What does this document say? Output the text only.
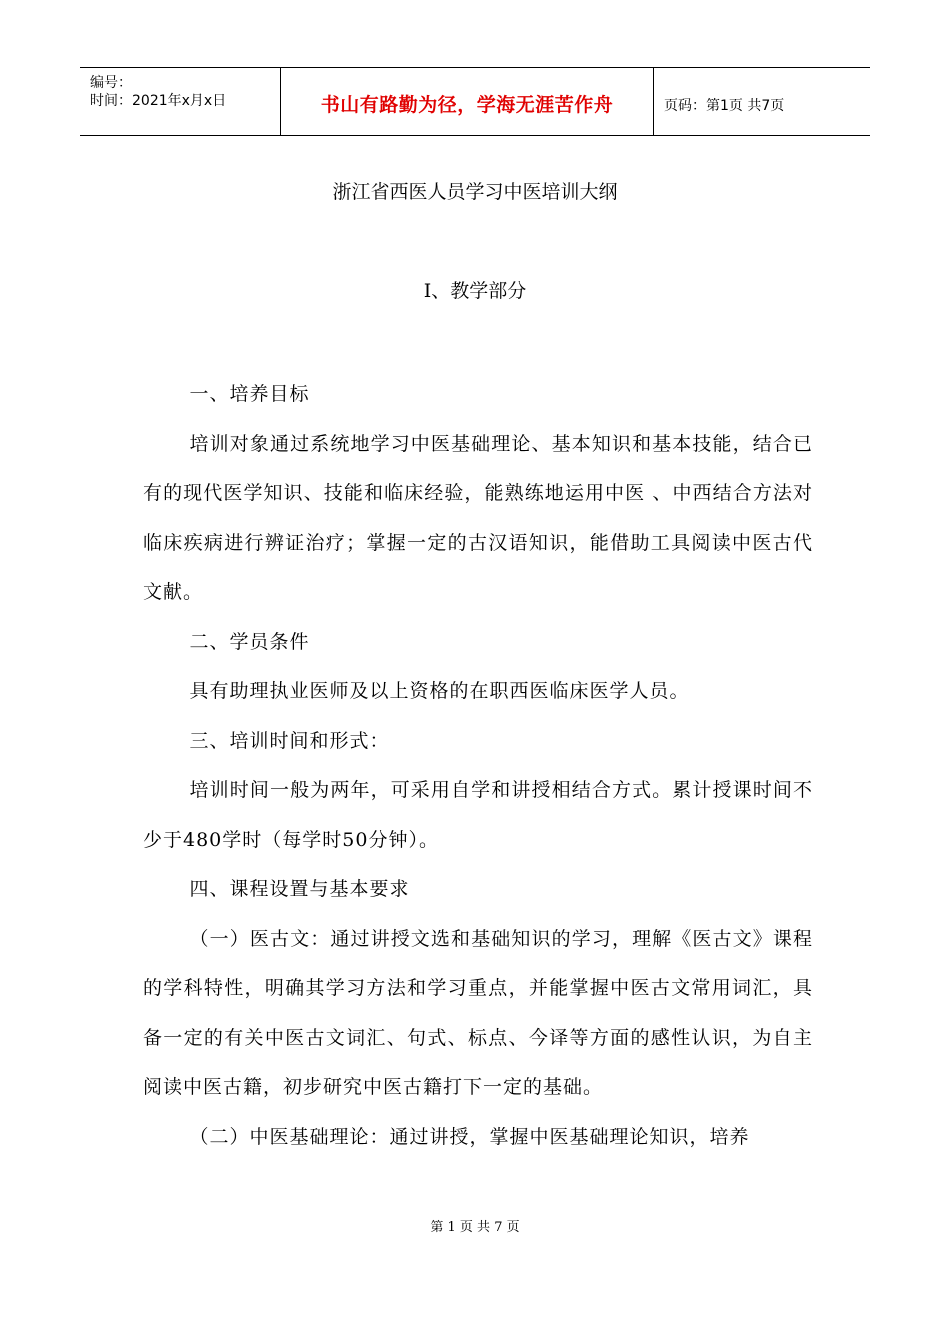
编号：
时间：2021年x月x日	书山有路勤为径，学海无涯苦作舟	页码：第1页 共7页
浙江省西医人员学习中医培训大纲
Ⅰ、教学部分

一、培养目标

培训对象通过系统地学习中医基础理论、基本知识和基本技能，结合已有的现代医学知识、技能和临床经验，能熟练地运用中医 、中西结合方法对临床疾病进行辨证治疗；掌握一定的古汉语知识，能借助工具阅读中医古代文献。

二、学员条件

具有助理执业医师及以上资格的在职西医临床医学人员。

三、培训时间和形式：

培训时间一般为两年，可采用自学和讲授相结合方式。累计授课时间不少于480学时（每学时50分钟）。

四、课程设置与基本要求

（一）医古文：通过讲授文选和基础知识的学习，理解《医古文》课程的学科特性，明确其学习方法和学习重点，并能掌握中医古文常用词汇，具备一定的有关中医古文词汇、句式、标点、今译等方面的感性认识，为自主阅读中医古籍，初步研究中医古籍打下一定的基础。

（二）中医基础理论：通过讲授，掌握中医基础理论知识，培养

第 1 页 共 7 页
